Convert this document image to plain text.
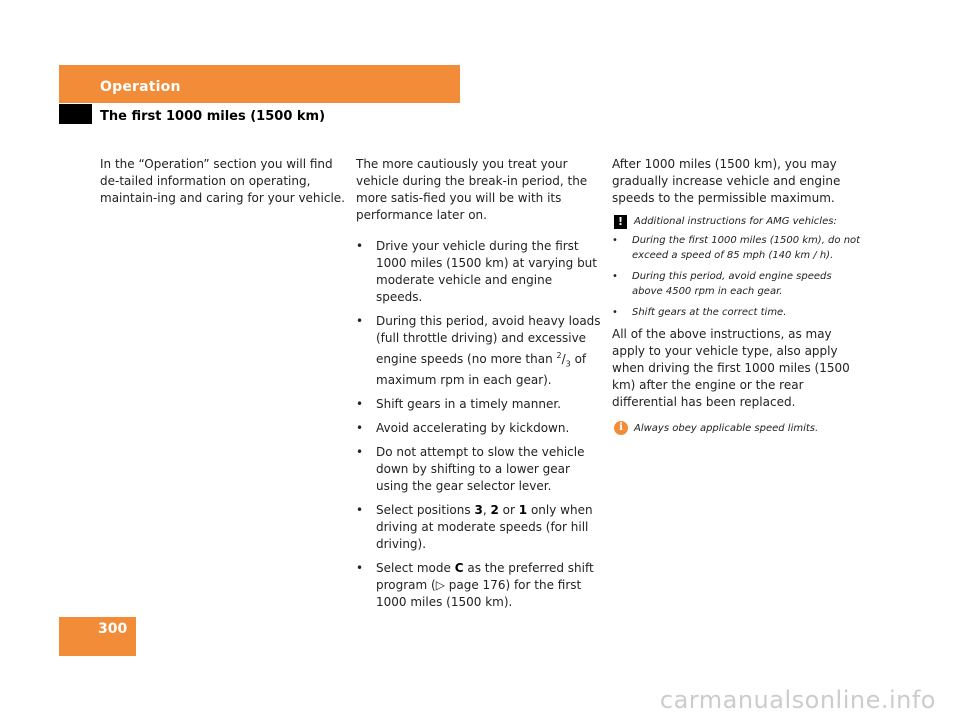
Operation
The first 1000 miles (1500 km)

In the “Operation” section you will find de-tailed information on operating, maintain-ing and caring for your vehicle.

The more cautiously you treat your vehicle during the break-in period, the more satis-fied you will be with its performance later on.

• Drive your vehicle during the first 1000 miles (1500 km) at varying but moderate vehicle and engine speeds.
• During this period, avoid heavy loads (full throttle driving) and excessive engine speeds (no more than $^2/_3$ of maximum rpm in each gear).
• Shift gears in a timely manner.
• Avoid accelerating by kickdown.
• Do not attempt to slow the vehicle down by shifting to a lower gear using the gear selector lever.
• Select positions 3, 2 or 1 only when driving at moderate speeds (for hill driving).
• Select mode C as the preferred shift program (▷ page 176) for the first 1000 miles (1500 km).

After 1000 miles (1500 km), you may gradually increase vehicle and engine speeds to the permissible maximum.

!	Additional instructions for AMG vehicles:
• During the first 1000 miles (1500 km), do not exceed a speed of 85 mph (140 km / h).
• During this period, avoid engine speeds above 4500 rpm in each gear.
• Shift gears at the correct time.

All of the above instructions, as may apply to your vehicle type, also apply when driving the first 1000 miles (1500 km) after the engine or the rear differential has been replaced.

i	Always obey applicable speed limits.
300
carmanualsonline.info
